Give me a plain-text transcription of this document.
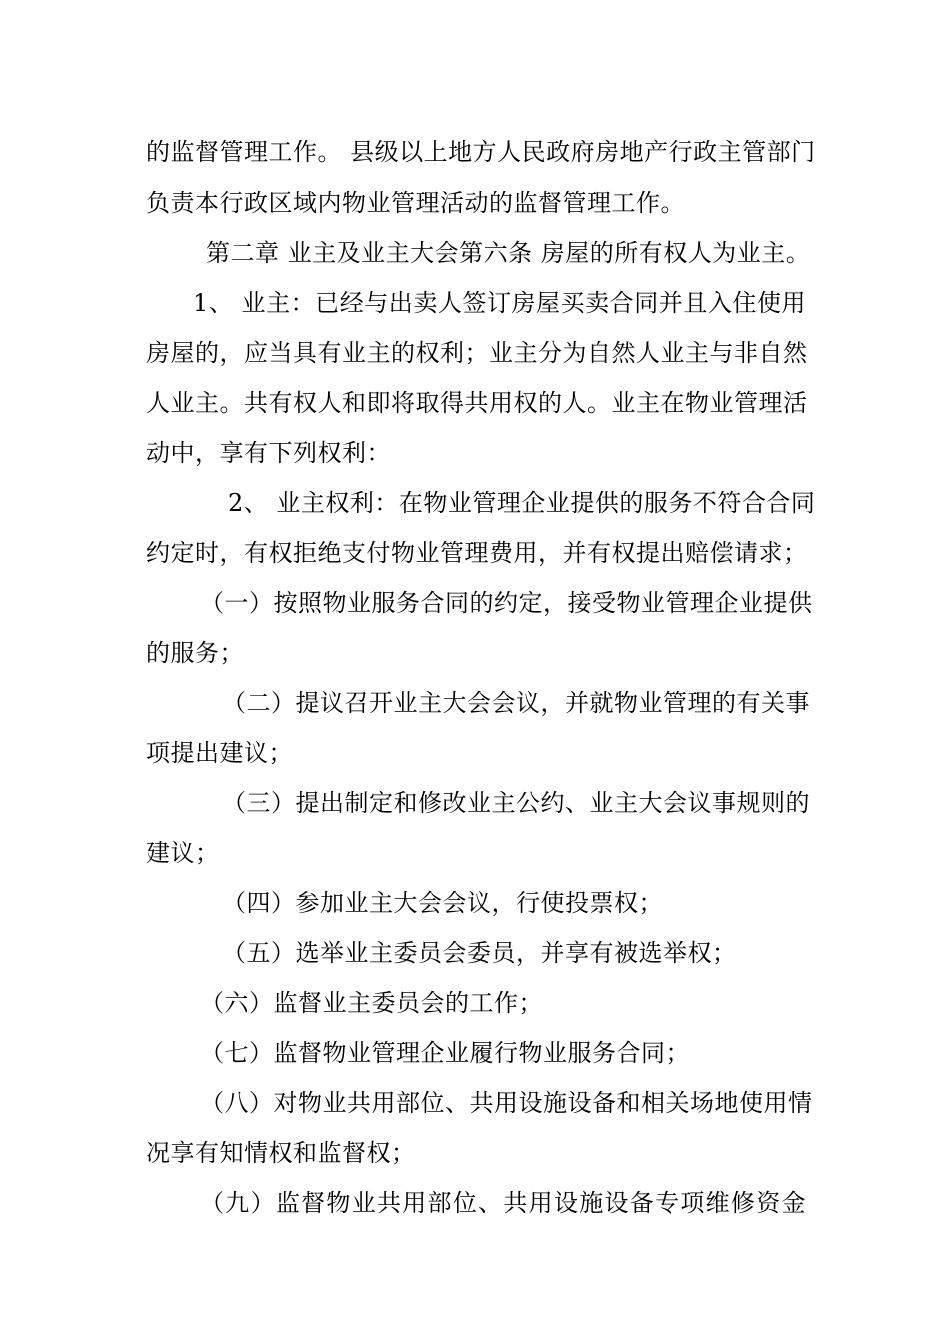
的监督管理工作。 县级以上地方人民政府房地产行政主管部门
负责本行政区域内物业管理活动的监督管理工作。
第二章 业主及业主大会第六条 房屋的所有权人为业主。
1、 业主：已经与出卖人签订房屋买卖合同并且入住使用
房屋的，应当具有业主的权利；业主分为自然人业主与非自然
人业主。共有权人和即将取得共用权的人。业主在物业管理活
动中，享有下列权利：
2、 业主权利：在物业管理企业提供的服务不符合合同
约定时，有权拒绝支付物业管理费用，并有权提出赔偿请求；
（一）按照物业服务合同的约定，接受物业管理企业提供
的服务；
（二）提议召开业主大会会议，并就物业管理的有关事
项提出建议；
（三）提出制定和修改业主公约、业主大会议事规则的
建议；
（四）参加业主大会会议，行使投票权；
（五）选举业主委员会委员，并享有被选举权；
（六）监督业主委员会的工作；
（七）监督物业管理企业履行物业服务合同；
（八）对物业共用部位、共用设施设备和相关场地使用情
况享有知情权和监督权；
（九）监督物业共用部位、共用设施设备专项维修资金
